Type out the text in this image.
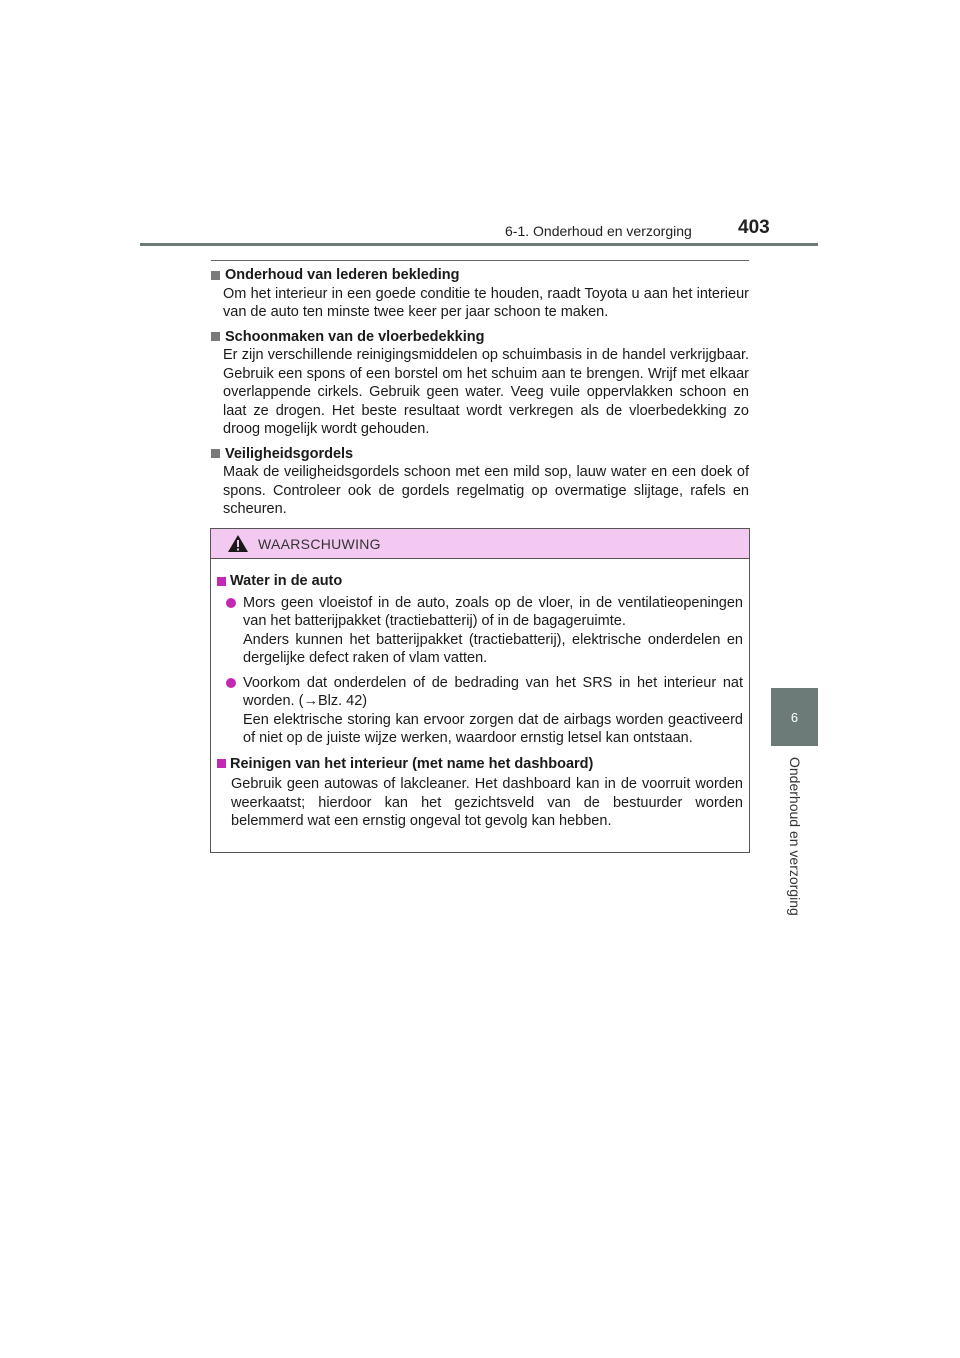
6-1. Onderhoud en verzorging	403
6
Onderhoud en verzorging
Onderhoud van lederen bekleding
Om het interieur in een goede conditie te houden, raadt Toyota u aan het interieur van de auto ten minste twee keer per jaar schoon te maken.
Schoonmaken van de vloerbedekking
Er zijn verschillende reinigingsmiddelen op schuimbasis in de handel verkrijgbaar. Gebruik een spons of een borstel om het schuim aan te brengen. Wrijf met elkaar overlappende cirkels. Gebruik geen water. Veeg vuile oppervlakken schoon en laat ze drogen. Het beste resultaat wordt verkregen als de vloerbedekking zo droog mogelijk wordt gehouden.
Veiligheidsgordels
Maak de veiligheidsgordels schoon met een mild sop, lauw water en een doek of spons. Controleer ook de gordels regelmatig op overmatige slijtage, rafels en scheuren.
WAARSCHUWING
Water in de auto
Mors geen vloeistof in de auto, zoals op de vloer, in de ventilatieopeningen van het batterijpakket (tractiebatterij) of in de bagageruimte.
Anders kunnen het batterijpakket (tractiebatterij), elektrische onderdelen en dergelijke defect raken of vlam vatten.
Voorkom dat onderdelen of de bedrading van het SRS in het interieur nat worden. (→Blz. 42)
Een elektrische storing kan ervoor zorgen dat de airbags worden geactiveerd of niet op de juiste wijze werken, waardoor ernstig letsel kan ontstaan.
Reinigen van het interieur (met name het dashboard)
Gebruik geen autowas of lakcleaner. Het dashboard kan in de voorruit worden weerkaatst; hierdoor kan het gezichtsveld van de bestuurder worden belemmerd wat een ernstig ongeval tot gevolg kan hebben.
